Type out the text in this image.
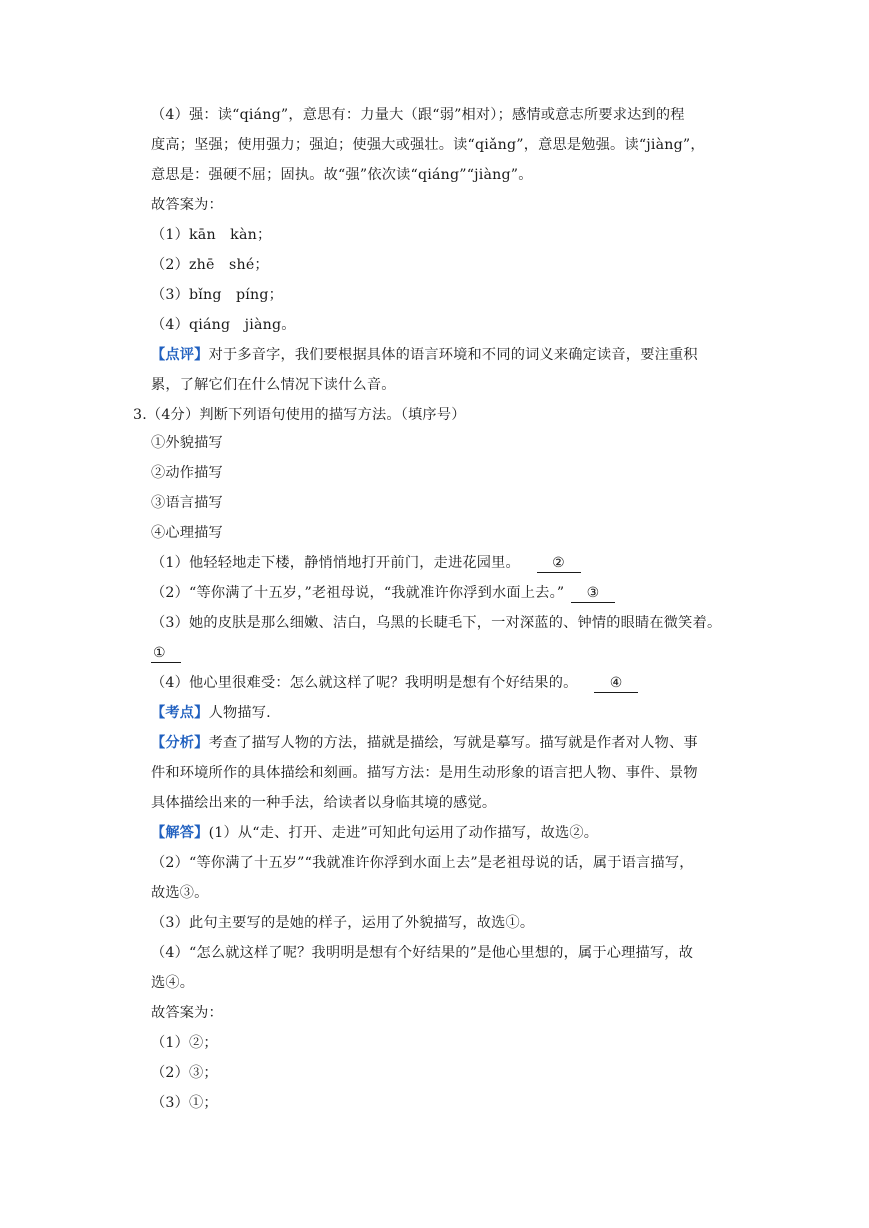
（4）强：读“qiáng”，意思有：力量大（跟“弱”相对）；感情或意志所要求达到的程
度高；坚强；使用强力；强迫；使强大或强壮。读“qiǎng”，意思是勉强。读“jiàng”，
意思是：强硬不屈；固执。故“强”依次读“qiáng”“jiàng”。
故答案为：
（1）kān　kàn；
（2）zhē　shé；
（3）bǐng　píng；
（4）qiáng　jiàng。
【点评】对于多音字，我们要根据具体的语言环境和不同的词义来确定读音，要注重积
累，了解它们在什么情况下读什么音。
3.（4分）判断下列语句使用的描写方法。（填序号）
①外貌描写
②动作描写
③语言描写
④心理描写
（1）他轻轻地走下楼，静悄悄地打开前门，走进花园里。 ②
（2）“等你满了十五岁，”老祖母说，“我就准许你浮到水面上去。” ③
（3）她的皮肤是那么细嫩、洁白，乌黑的长睫毛下，一对深蓝的、钟情的眼睛在微笑着。
①
（4）他心里很难受：怎么就这样了呢？我明明是想有个好结果的。 ④
【考点】人物描写.
【分析】考查了描写人物的方法，描就是描绘，写就是摹写。描写就是作者对人物、事
件和环境所作的具体描绘和刻画。描写方法：是用生动形象的语言把人物、事件、景物
具体描绘出来的一种手法，给读者以身临其境的感觉。
【解答】(1）从“走、打开、走进”可知此句运用了动作描写，故选②。
（2）“等你满了十五岁”“我就准许你浮到水面上去”是老祖母说的话，属于语言描写，
故选③。
（3）此句主要写的是她的样子，运用了外貌描写，故选①。
（4）“怎么就这样了呢？我明明是想有个好结果的”是他心里想的，属于心理描写，故
选④。
故答案为：
（1）②；
（2）③；
（3）①；
